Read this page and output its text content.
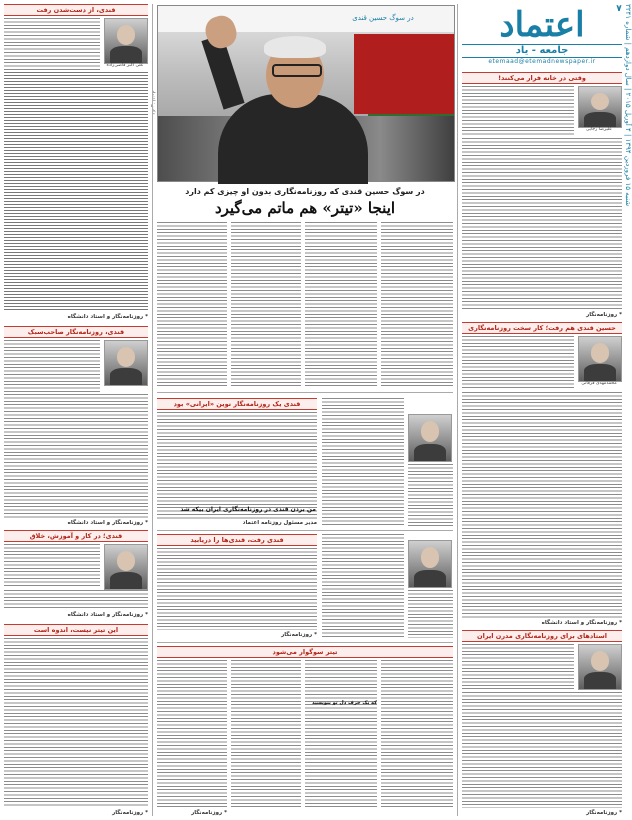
اعتماد
جامعه - یاد
etemaad@etemadnewspaper.ir
شنبه ۱۵ فروردین ۱۳۹۴ | ۴ آوریل ۲۰۱۵ | سال دوازدهم | شماره ۳۲۴۱
۷
وقتی در خانه فرار می‌کنند!
علیرضا رجایی
* روزنامه‌نگار
حسین قندی هم رفت؛ کار سخت روزنامه‌نگاری
محمدمهدی فرقانی
* روزنامه‌نگار و استاد دانشگاه
استادهای برای روزنامه‌نگاری مدرن ایران
* روزنامه‌نگار
در سوگ حسین قندی
در سوگ حسین قندی که روزنامه‌نگاری بدون او چیزی کم دارد
اینجا «تیتر» هم ماتم می‌گیرد
قندی یک روزنامه‌نگار نوین «ایرانی» بود
من بردن قندی در روزنامه‌نگاری ایران بیکه شد
مدیر مسئول روزنامه اعتماد
قندی رفت، قندی‌ها را دریابید
* روزنامه‌نگار
تیتر سوگوار می‌شود
که یک حرف دل تو بنویسید
* روزنامه‌نگار
قندی، از دست‌شدن رفت
علی اکبر قاضی‌زاده
* روزنامه‌نگار و استاد دانشگاه
قندی، روزنامه‌نگار صاحب‌سبک
* روزنامه‌نگار و استاد دانشگاه
قندی؛ در کار و آموزش، خلاق
* روزنامه‌نگار و استاد دانشگاه
این تیتر نیست، اندوه است
* روزنامه‌نگار
